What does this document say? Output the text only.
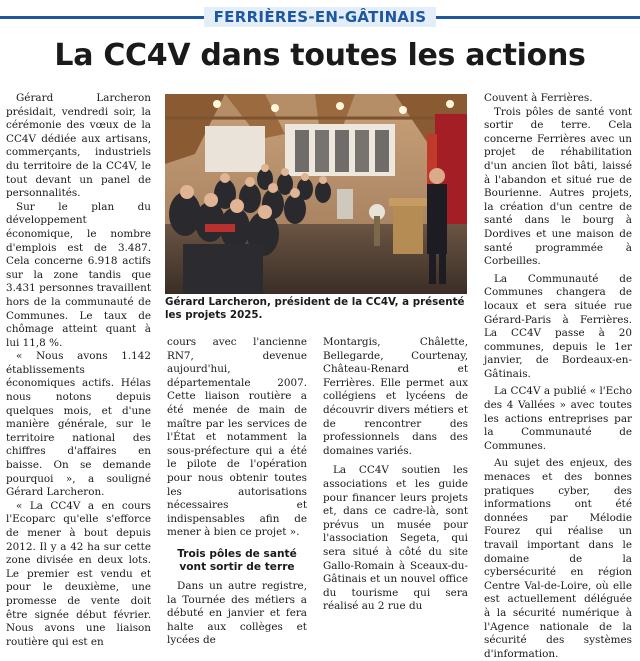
FERRIÈRES-EN-GÂTINAIS
La CC4V dans toutes les actions

Gérard Larcheron présidait, vendredi soir, la cérémonie des vœux de la CC4V dédiée aux artisans, commerçants, industriels du territoire de la CC4V, le tout devant un panel de personnalités.

Sur le plan du développement économique, le nombre d'emplois est de 3.487. Cela concerne 6.918 actifs sur la zone tandis que 3.431 personnes travaillent hors de la communauté de Communes. Le taux de chômage atteint quant à lui 11,8 %.

« Nous avons 1.142 établissements économiques actifs. Hélas nous notons depuis quelques mois, et d'une manière générale, sur le territoire national des chiffres d'affaires en baisse. On se demande pourquoi », a souligné Gérard Larcheron.

« La CC4V a en cours l'Ecoparc qu'elle s'efforce de mener à bout depuis 2012. Il y a 42 ha sur cette zone divisée en deux lots. Le premier est vendu et pour le deuxième, une promesse de vente doit être signée début février. Nous avons une liaison routière qui est en

Gérard Larcheron, président de la CC4V, a présenté les projets 2025.

cours avec l'ancienne RN7, devenue aujourd'hui, départementale 2007. Cette liaison routière a été menée de main de maître par les services de l'État et notamment la sous-préfecture qui a été le pilote de l'opération pour nous obtenir toutes les autorisations nécessaires et indispensables afin de mener à bien ce projet ».

Trois pôles de santé vont sortir de terre

Dans un autre registre, la Tournée des métiers a débuté en janvier et fera halte aux collèges et lycées de

Montargis, Châlette, Bellegarde, Courtenay, Château-Renard et Ferrières. Elle permet aux collégiens et lycéens de découvrir divers métiers et de rencontrer des professionnels dans des domaines variés.

La CC4V soutien les associations et les guide pour financer leurs projets et, dans ce cadre-là, sont prévus un musée pour l'association Segeta, qui sera situé à côté du site Gallo-Romain à Sceaux-du-Gâtinais et un nouvel office du tourisme qui sera réalisé au 2 rue du

Couvent à Ferrières.

Trois pôles de santé vont sortir de terre. Cela concerne Ferrières avec un projet de réhabilitation d'un ancien îlot bâti, laissé à l'abandon et situé rue de Bourienne. Autres projets, la création d'un centre de santé dans le bourg à Dordives et une maison de santé programmée à Corbeilles.

La Communauté de Communes changera de locaux et sera située rue Gérard-Paris à Ferrières. La CC4V passe à 20 communes, depuis le 1er janvier, de Bordeaux-en-Gâtinais.

La CC4V a publié « l'Echo des 4 Vallées » avec toutes les actions entreprises par la Communauté de Communes.

Au sujet des enjeux, des menaces et des bonnes pratiques cyber, des informations ont été données par Mélodie Fourez qui réalise un travail important dans le domaine de la cybersécurité en région Centre Val-de-Loire, où elle est actuellement déléguée à la sécurité numérique à l'Agence nationale de la sécurité des systèmes d'information.
